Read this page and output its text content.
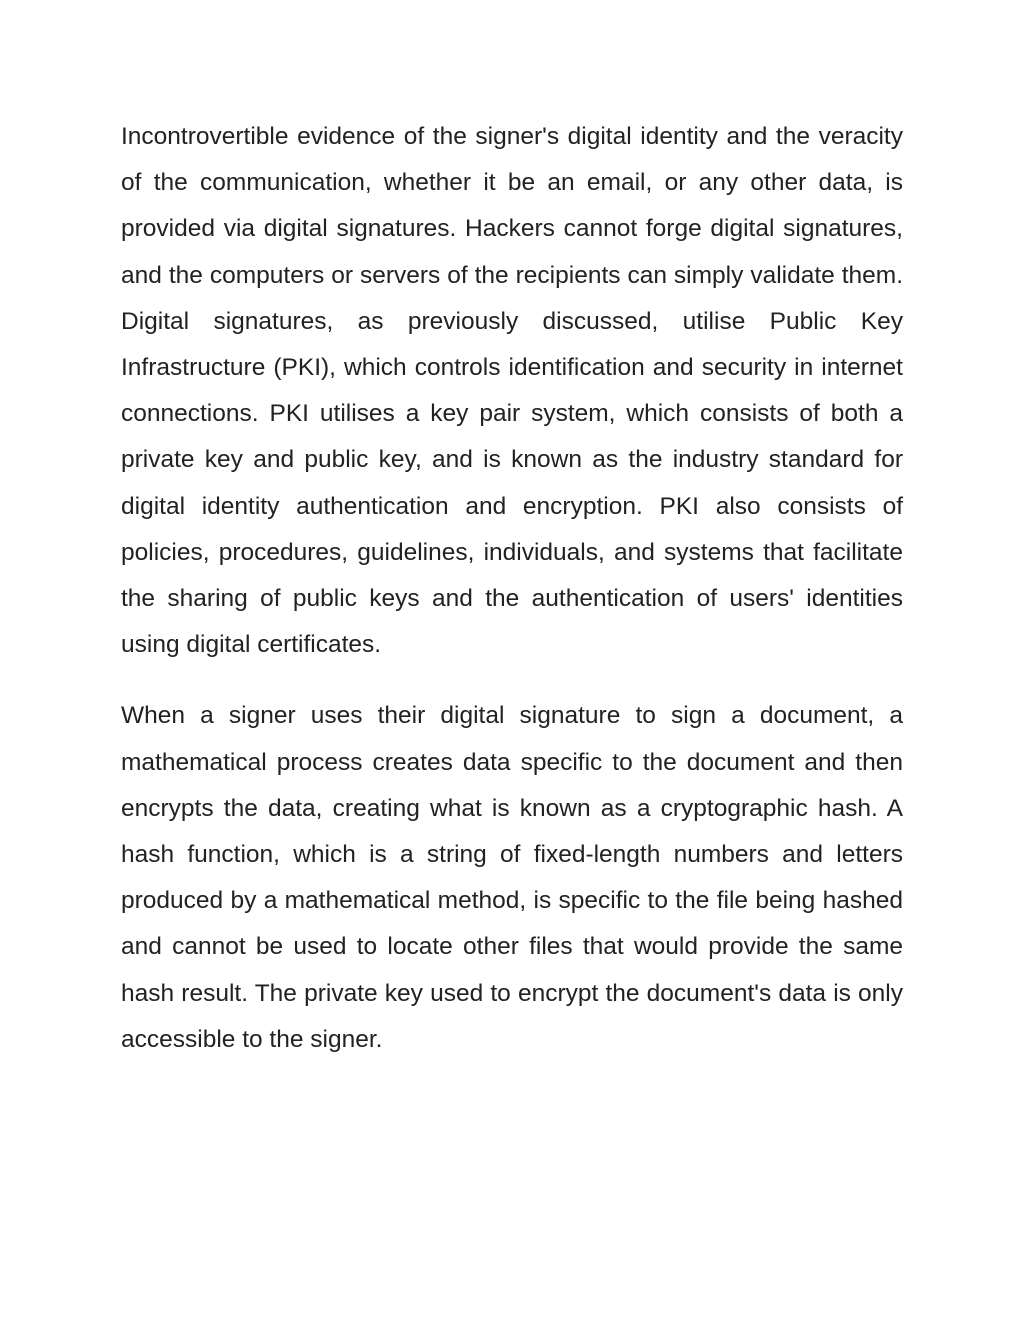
Incontrovertible evidence of the signer's digital identity and the veracity of the communication, whether it be an email, or any other data, is provided via digital signatures. Hackers cannot forge digital signatures, and the computers or servers of the recipients can simply validate them. Digital signatures, as previously discussed, utilise Public Key Infrastructure (PKI), which controls identification and security in internet connections. PKI utilises a key pair system, which consists of both a private key and public key, and is known as the industry standard for digital identity authentication and encryption. PKI also consists of policies, procedures, guidelines, individuals, and systems that facilitate the sharing of public keys and the authentication of users' identities using digital certificates.

When a signer uses their digital signature to sign a document, a mathematical process creates data specific to the document and then encrypts the data, creating what is known as a cryptographic hash. A hash function, which is a string of fixed-length numbers and letters produced by a mathematical method, is specific to the file being hashed and cannot be used to locate other files that would provide the same hash result. The private key used to encrypt the document's data is only accessible to the signer.
